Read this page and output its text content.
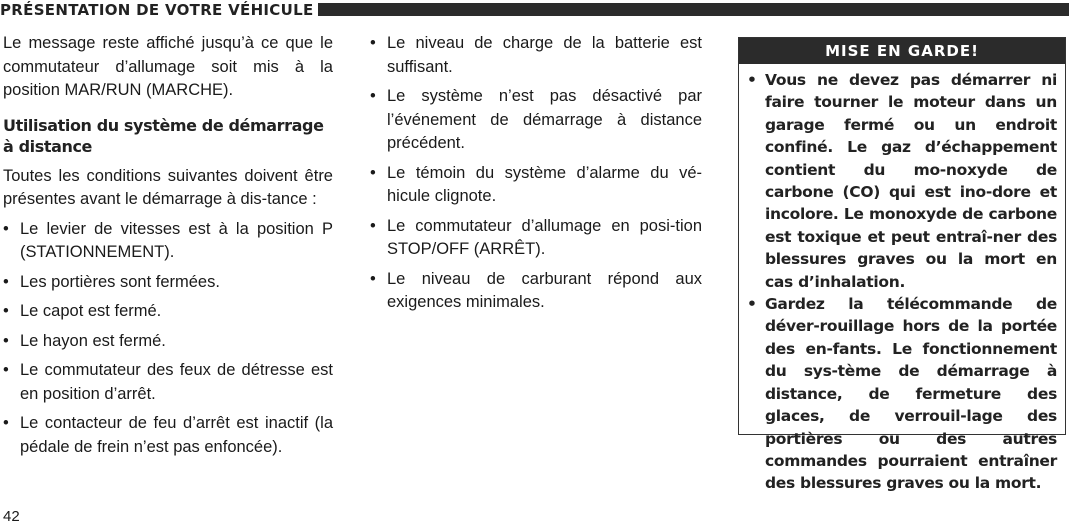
PRÉSENTATION DE VOTRE VÉHICULE

Le message reste affiché jusqu’à ce que le commutateur d’allumage soit mis à la position MAR/RUN (MARCHE).

Utilisation du système de démarrage à distance

Toutes les conditions suivantes doivent être présentes avant le démarrage à dis-tance :

• Le levier de vitesses est à la position P (STATIONNEMENT).
• Les portières sont fermées.
• Le capot est fermé.
• Le hayon est fermé.
• Le commutateur des feux de détresse est en position d’arrêt.
• Le contacteur de feu d’arrêt est inactif (la pédale de frein n’est pas enfoncée).
• Le niveau de charge de la batterie est suffisant.
• Le système n’est pas désactivé par l’événement de démarrage à distance précédent.
• Le témoin du système d’alarme du vé-hicule clignote.
• Le commutateur d’allumage en posi-tion STOP/OFF (ARRÊT).
• Le niveau de carburant répond aux exigences minimales.
MISE EN GARDE!
• Vous ne devez pas démarrer ni faire tourner le moteur dans un garage fermé ou un endroit confiné. Le gaz d’échappement contient du mo-noxyde de carbone (CO) qui est ino-dore et incolore. Le monoxyde de carbone est toxique et peut entraî-ner des blessures graves ou la mort en cas d’inhalation.
• Gardez la télécommande de déver-rouillage hors de la portée des en-fants. Le fonctionnement du sys-tème de démarrage à distance, de fermeture des glaces, de verrouil-lage des portières ou des autres commandes pourraient entraîner des blessures graves ou la mort.
42
